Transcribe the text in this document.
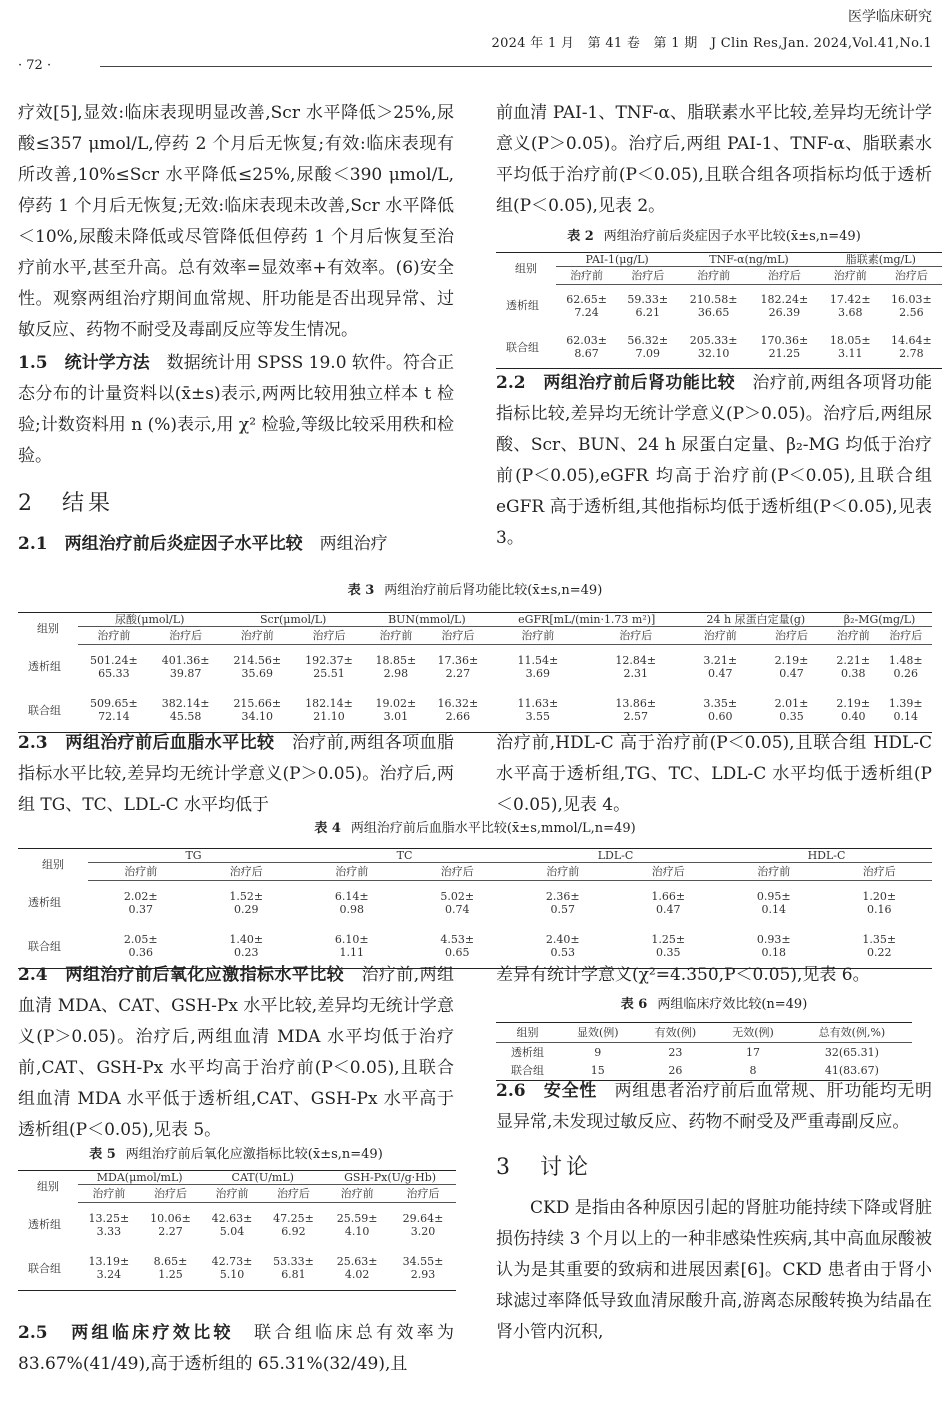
医学临床研究
2024 年 1 月　第 41 卷　第 1 期　J Clin Res,Jan. 2024,Vol.41,No.1
· 72 ·

疗效[5],显效:临床表现明显改善,Scr 水平降低＞25%,尿酸≤357 μmol/L,停药 2 个月后无恢复;有效:临床表现有所改善,10%≤Scr 水平降低≤25%,尿酸＜390 μmol/L,停药 1 个月后无恢复;无效:临床表现未改善,Scr 水平降低＜10%,尿酸未降低或尽管降低但停药 1 个月后恢复至治疗前水平,甚至升高。总有效率=显效率+有效率。(6)安全性。观察两组治疗期间血常规、肝功能是否出现异常、过敏反应、药物不耐受及毒副反应等发生情况。

1.5　统计学方法　数据统计用 SPSS 19.0 软件。符合正态分布的计量资料以(x̄±s)表示,两两比较用独立样本 t 检验;计数资料用 n (%)表示,用 χ² 检验,等级比较采用秩和检验。

2　结果

2.1　两组治疗前后炎症因子水平比较　两组治疗

前血清 PAI-1、TNF-α、脂联素水平比较,差异均无统计学意义(P＞0.05)。治疗后,两组 PAI-1、TNF-α、脂联素水平均低于治疗前(P＜0.05),且联合组各项指标均低于透析组(P＜0.05),见表 2。

表 2 两组治疗前后炎症因子水平比较(x̄±s,n=49)
组别	PAI-1(μg/L)		TNF-α(ng/mL)		脂联素(mg/L)	
	治疗前	治疗后	治疗前	治疗后	治疗前	治疗后
透析组	62.65±
7.24	59.33±
6.21	210.58±
36.65	182.24±
26.39	17.42±
3.68	16.03±
2.56

联合组	62.03±
8.67	56.32±
7.09	205.33±
32.10	170.36±
21.25	18.05±
3.11	14.64±
2.78

2.2　两组治疗前后肾功能比较　治疗前,两组各项肾功能指标比较,差异均无统计学意义(P＞0.05)。治疗后,两组尿酸、Scr、BUN、24 h 尿蛋白定量、β₂-MG 均低于治疗前(P＜0.05),eGFR 均高于治疗前(P＜0.05),且联合组 eGFR 高于透析组,其他指标均低于透析组(P＜0.05),见表 3。

表 3 两组治疗前后肾功能比较(x̄±s,n=49)
组别	尿酸(μmol/L)		Scr(μmol/L)		BUN(mmol/L)		eGFR[mL/(min·1.73 m²)]		24 h 尿蛋白定量(g)		β₂-MG(mg/L)	
	治疗前	治疗后	治疗前	治疗后	治疗前	治疗后	治疗前	治疗后	治疗前	治疗后	治疗前	治疗后
透析组	501.24±
65.33	401.36±
39.87	214.56±
35.69	192.37±
25.51	18.85±
2.98	17.36±
2.27	11.54±
3.69	12.84±
2.31	3.21±
0.47	2.19±
0.47	2.21±
0.38	1.48±
0.26

联合组	509.65±
72.14	382.14±
45.58	215.66±
34.10	182.14±
21.10	19.02±
3.01	16.32±
2.66	11.63±
3.55	13.86±
2.57	3.35±
0.60	2.01±
0.35	2.19±
0.40	1.39±
0.14

2.3　两组治疗前后血脂水平比较　治疗前,两组各项血脂指标水平比较,差异均无统计学意义(P＞0.05)。治疗后,两组 TG、TC、LDL-C 水平均低于

治疗前,HDL-C 高于治疗前(P＜0.05),且联合组 HDL-C 水平高于透析组,TG、TC、LDL-C 水平均低于透析组(P＜0.05),见表 4。

表 4 两组治疗前后血脂水平比较(x̄±s,mmol/L,n=49)
组别	TG		TC		LDL-C		HDL-C	
	治疗前	治疗后	治疗前	治疗后	治疗前	治疗后	治疗前	治疗后
透析组	2.02±
0.37	1.52±
0.29	6.14±
0.98	5.02±
0.74	2.36±
0.57	1.66±
0.47	0.95±
0.14	1.20±
0.16

联合组	2.05±
0.36	1.40±
0.23	6.10±
1.11	4.53±
0.65	2.40±
0.53	1.25±
0.35	0.93±
0.18	1.35±
0.22

2.4　两组治疗前后氧化应激指标水平比较　治疗前,两组血清 MDA、CAT、GSH-Px 水平比较,差异均无统计学意义(P＞0.05)。治疗后,两组血清 MDA 水平均低于治疗前,CAT、GSH-Px 水平均高于治疗前(P＜0.05),且联合组血清 MDA 水平低于透析组,CAT、GSH-Px 水平高于透析组(P＜0.05),见表 5。

表 5 两组治疗前后氧化应激指标比较(x̄±s,n=49)
组别	MDA(μmol/mL)		CAT(U/mL)		GSH-Px(U/g·Hb)	
	治疗前	治疗后	治疗前	治疗后	治疗前	治疗后
透析组	13.25±
3.33	10.06±
2.27	42.63±
5.04	47.25±
6.92	25.59±
4.10	29.64±
3.20

联合组	13.19±
3.24	8.65±
1.25	42.73±
5.10	53.33±
6.81	25.63±
4.02	34.55±
2.93

2.5　两组临床疗效比较　联合组临床总有效率为 83.67%(41/49),高于透析组的 65.31%(32/49),且

差异有统计学意义(χ²=4.350,P＜0.05),见表 6。

表 6 两组临床疗效比较(n=49)
组别	显效(例)	有效(例)	无效(例)	总有效(例,%)
透析组	9	23	17	32(65.31)
联合组	15	26	8	41(83.67)

2.6　安全性　两组患者治疗前后血常规、肝功能均无明显异常,未发现过敏反应、药物不耐受及严重毒副反应。

3　讨论

CKD 是指由各种原因引起的肾脏功能持续下降或肾脏损伤持续 3 个月以上的一种非感染性疾病,其中高血尿酸被认为是其重要的致病和进展因素[6]。CKD 患者由于肾小球滤过率降低导致血清尿酸升高,游离态尿酸转换为结晶在肾小管内沉积,
